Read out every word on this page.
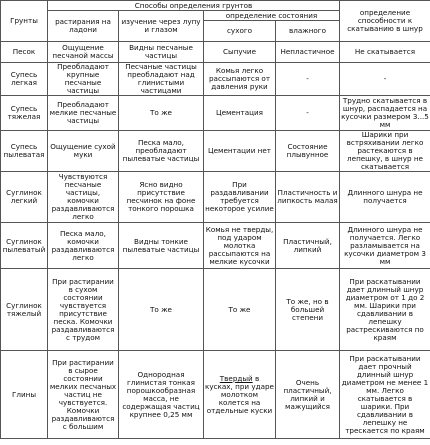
Грунты	Способы определения грунтов				определение способности к скатыванию в шнур
	растирания на ладони	изучение через лупу и глазом	определение состояния		
			сухого	влажного	
Песок	Ощущение песчаной массы	Видны песчаные частицы	Сыпучие	Непластичное	Не скатывается
Супесь легкая	Преобладают крупные песчаные частицы	Песчаные частицы преобладают над глинистыми частицами	Комья легко рассыпаются от давления руки	-	-
Супесь тяжелая	Преобладают мелкие песчаные частицы	То же	Цементация	-	Трудно скатывается в шнур, распадается на кусочки размером 3...5 мм
Супесь пылеватая	Ощущение сухой муки	Песка мало, преобладают пылеватые частицы	Цементации нет	Состояние плывунное	Шарики при встряхивании легко растекаются в лепешку, в шнур не скатывается
Суглинок легкий	Чувствуются песчаные частицы, комочки раздавливаются легко	Ясно видно присутствие песчинок на фоне тонкого порошка	При раздавливании требуется некоторое усилие	Пластичность и липкость малая	Длинного шнура не получается
Суглинок пылеватый	Песка мало, комочки раздавливаются легко	Видны тонкие пылеватые частицы	Комья не тверды, под ударом молотка рассыпаются на мелкие кусочки	Пластичный, липкий	Длинного шнура не получается. Легко разламывается на кусочки диаметром 3 мм
Суглинок тяжелый	При растирании в сухом состоянии чувствуется присутствие песка. Комочки раздавливаются с трудом	То же	То же	То же, но в большей степени	При раскатывании дает длинный шнур диаметром от 1 до 2 мм. Шарики при сдавливании в лепешку растрескиваются по краям
Глины	При растирании в сырое состоянии мелких песчаных частиц не чувствуется. Комочки раздавливаются с большим	Однородная глинистая тонкая порошкообразная масса, не содержащая частиц крупнее 0,25 мм	Твердый в кусках, при ударе молотком колется на отдельные куски	Очень пластичный, липкий и мажущийся	При раскатывании дает прочный длинный шнур диаметром не менее 1 мм. Легко скатывается в шарики. При сдавливании в лепешку не трескается по краям
